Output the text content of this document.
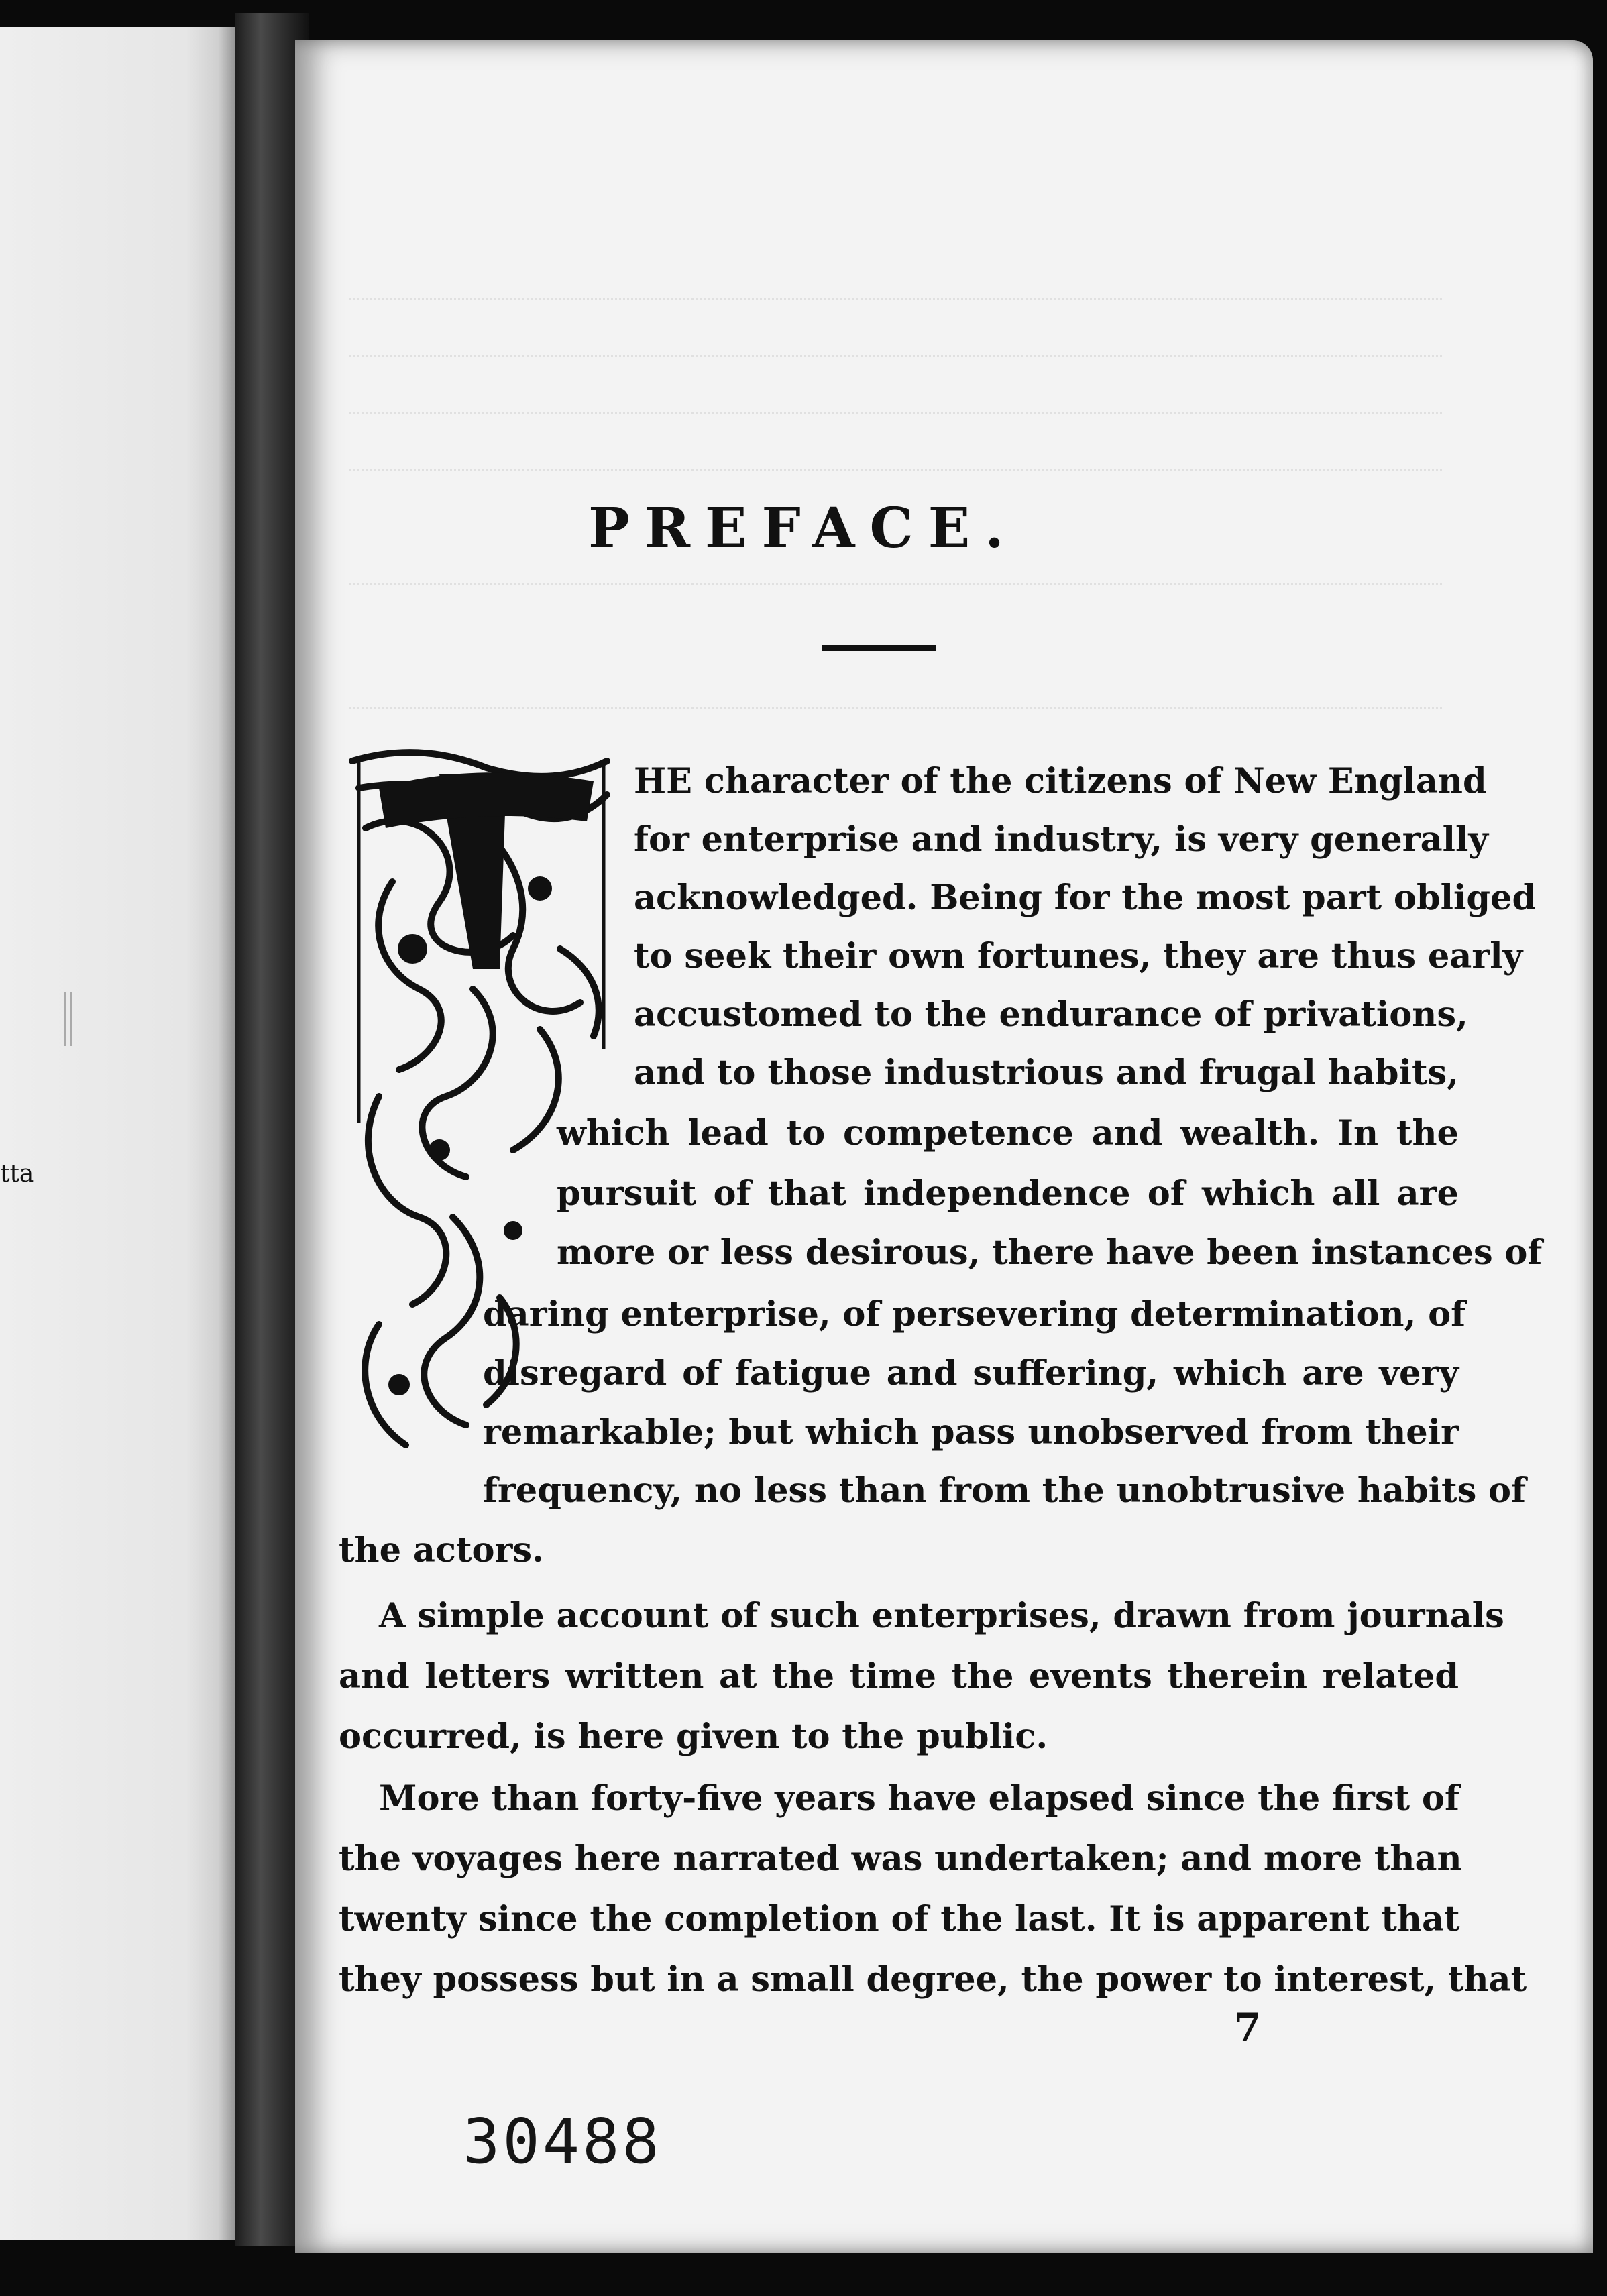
tta
PREFACE.
HE character of the citizens of New England
for enterprise and industry, is very generally
acknowledged. Being for the most part obliged
to seek their own fortunes, they are thus early
accustomed to the endurance of privations,
and to those industrious and frugal habits,
which lead to competence and wealth. In the
pursuit of that independence of which all are
more or less desirous, there have been instances of
daring enterprise, of persevering determination, of
disregard of fatigue and suffering, which are very
remarkable; but which pass unobserved from their
frequency, no less than from the unobtrusive habits of
the actors.
A simple account of such enterprises, drawn from journals
and letters written at the time the events therein related
occurred, is here given to the public.
More than forty-five years have elapsed since the first of
the voyages here narrated was undertaken; and more than
twenty since the completion of the last. It is apparent that
they possess but in a small degree, the power to interest, that
7
30488
